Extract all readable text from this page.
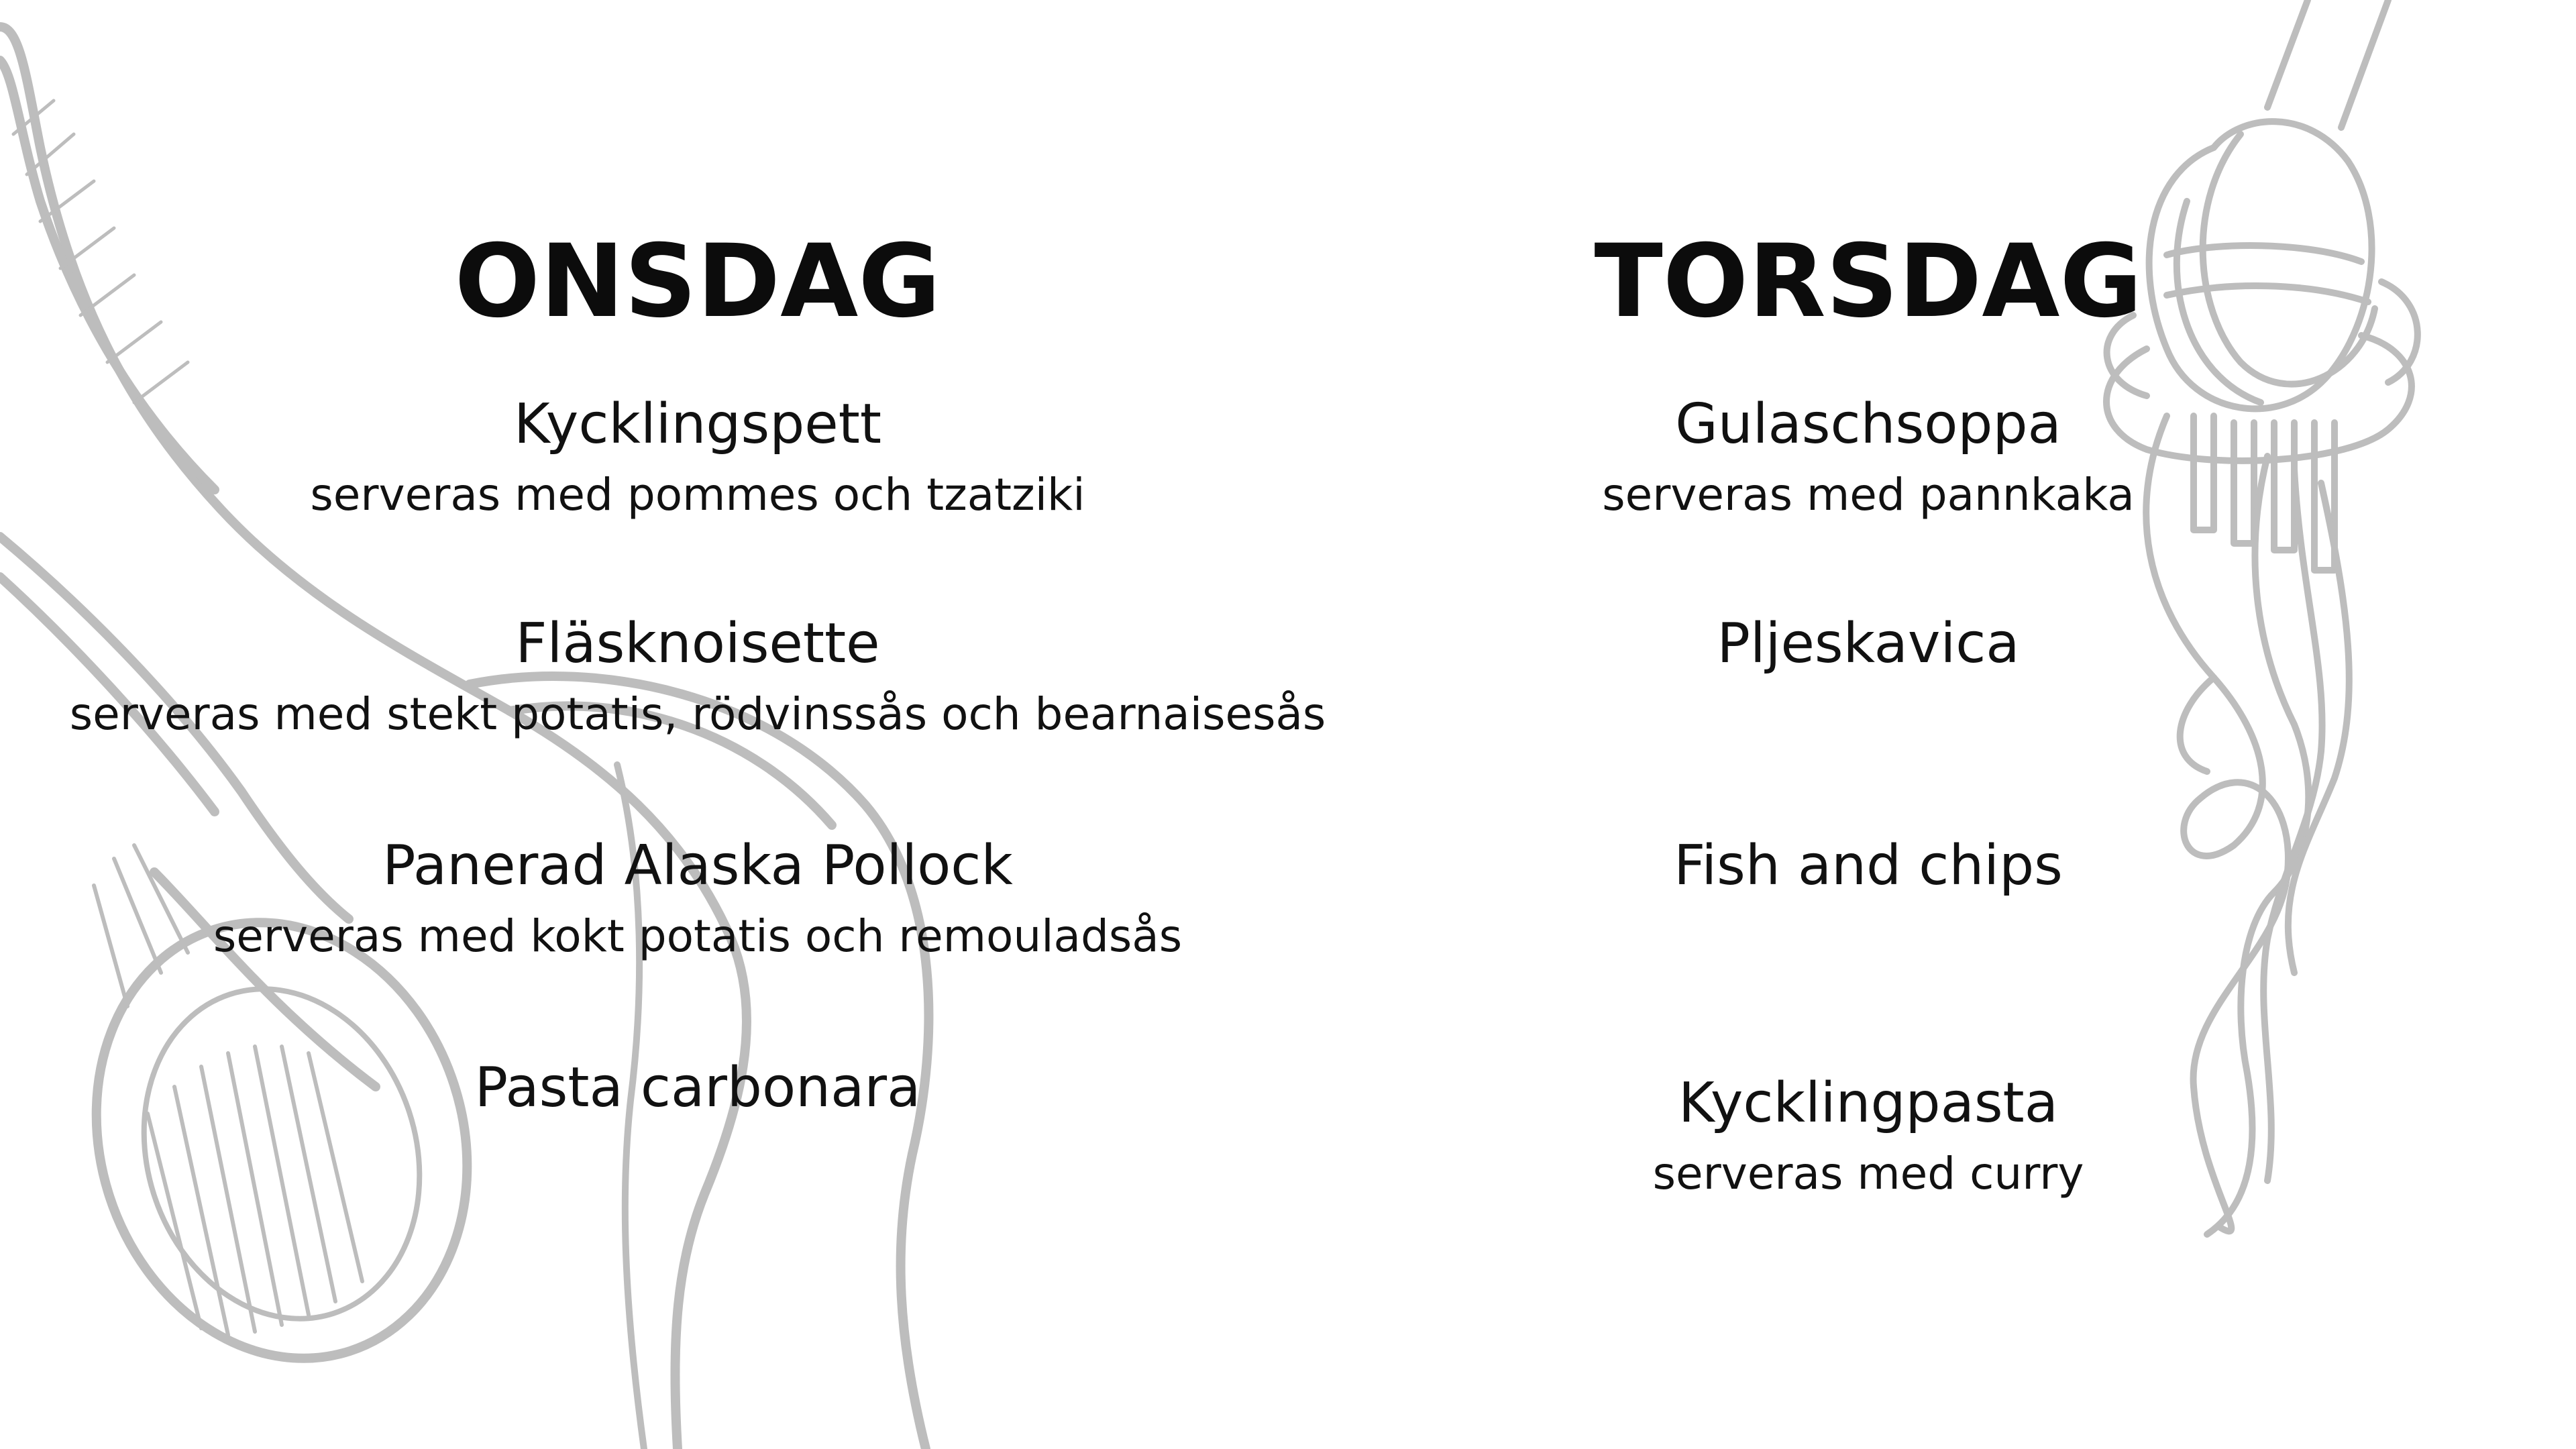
ONSDAG
Kycklingspett
serveras med pommes och tzatziki
Fläsknoisette
serveras med stekt potatis, rödvinssås och bearnaisesås
Panerad Alaska Pollock
serveras med kokt potatis och remouladsås
Pasta carbonara
TORSDAG
Gulaschsoppa
serveras med pannkaka
Pljeskavica
Fish and chips
Kycklingpasta
serveras med curry
